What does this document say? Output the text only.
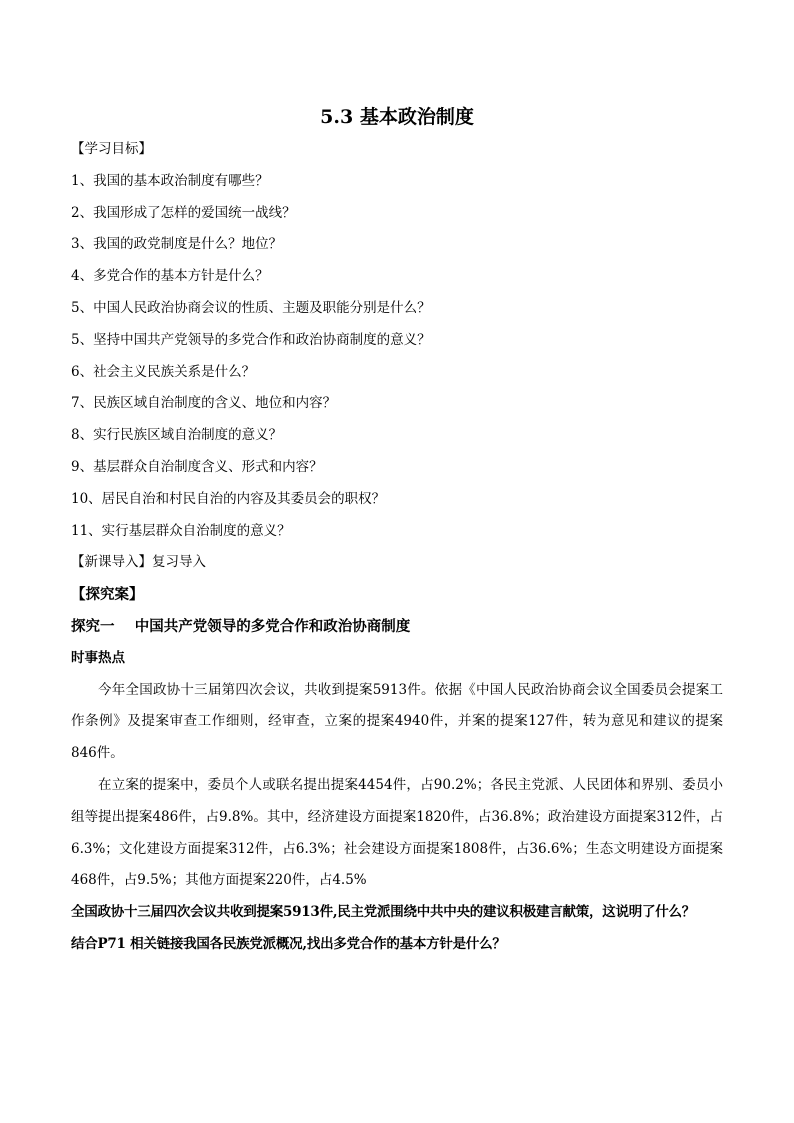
5.3 基本政治制度
【学习目标】
1、我国的基本政治制度有哪些？
2、我国形成了怎样的爱国统一战线？
3、我国的政党制度是什么？地位？
4、多党合作的基本方针是什么？
5、中国人民政治协商会议的性质、主题及职能分别是什么？
5、坚持中国共产党领导的多党合作和政治协商制度的意义？
6、社会主义民族关系是什么？
7、民族区域自治制度的含义、地位和内容？
8、实行民族区域自治制度的意义？
9、基层群众自治制度含义、形式和内容？
10、居民自治和村民自治的内容及其委员会的职权？
11、实行基层群众自治制度的意义？
【新课导入】复习导入
【探究案】
探究一    中国共产党领导的多党合作和政治协商制度
时事热点

今年全国政协十三届第四次会议，共收到提案5913件。依据《中国人民政治协商会议全国委员会提案工作条例》及提案审查工作细则，经审查，立案的提案4940件，并案的提案127件，转为意见和建议的提案846件。

在立案的提案中，委员个人或联名提出提案4454件，占90.2%；各民主党派、人民团体和界别、委员小组等提出提案486件，占9.8%。其中，经济建设方面提案1820件，占36.8%；政治建设方面提案312件，占6.3%；文化建设方面提案312件，占6.3%；社会建设方面提案1808件，占36.6%；生态文明建设方面提案468件，占9.5%；其他方面提案220件，占4.5%

全国政协十三届四次会议共收到提案5913件,民主党派围绕中共中央的建议积极建言献策，这说明了什么？
结合P71 相关链接我国各民族党派概况,找出多党合作的基本方针是什么？
